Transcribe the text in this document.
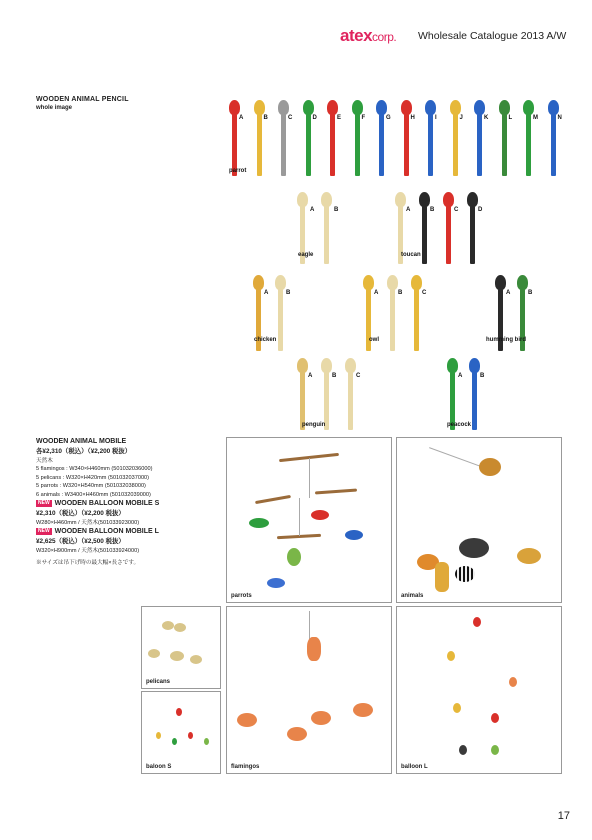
atexcorp. Wholesale Catalogue 2013 A/W
WOODEN ANIMAL PENCIL
whole image
A	B	C	D	E	F	G	H	I	J	K	L	M	N
parrot
A	B
eagle
A	B	C	D
toucan
A	B
chicken
A	B	C
owl
A	B
humming bird
A	B	C
penguin
A	B
peacock
WOODEN ANIMAL MOBILE
各¥2,310（税込）（¥2,200 税抜）
天然木
5 flamingos : W340×H460mm (501032036000)
5 pelicans : W320×H420mm (501032037000)
5 parrots : W320×H540mm (501032038000)
6 animals : W3400×H460mm (501032039000)
NEW WOODEN BALLOON MOBILE S
¥2,310（税込）（¥2,200 税抜）
W280×H460mm / 天然木(501033923000)
NEW WOODEN BALLOON MOBILE L
¥2,625（税込）（¥2,500 税抜）
W320×H900mm / 天然木(501033924000)
※サイズは吊下げ時の最大幅×長さです。
parrots	animals
pelicans
baloon S	flamingos	balloon L
17
